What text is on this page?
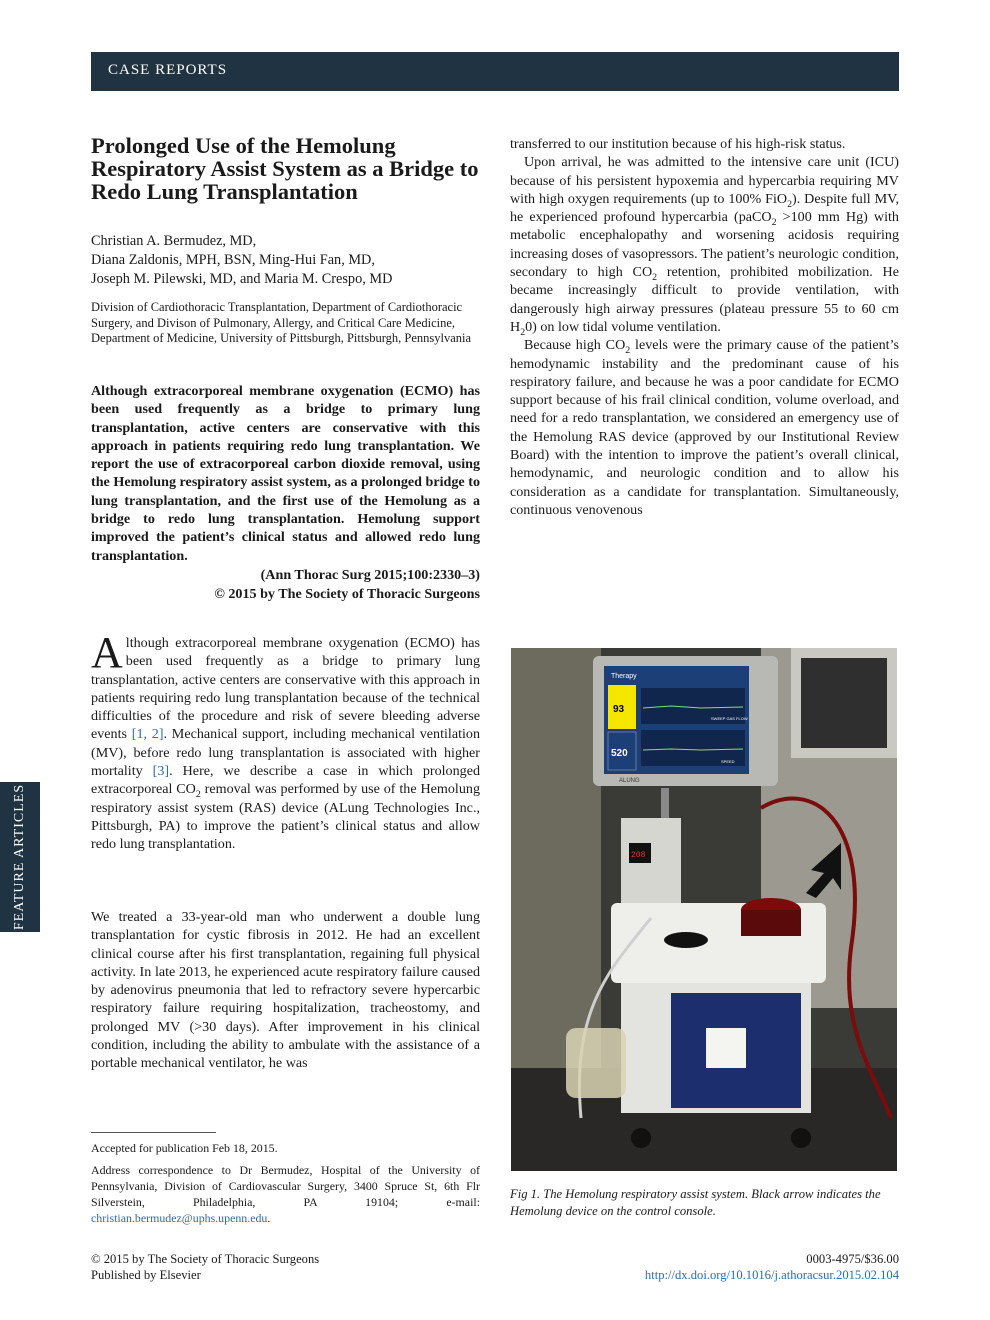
CASE REPORTS
FEATURE ARTICLES
Prolonged Use of the Hemolung Respiratory Assist System as a Bridge to Redo Lung Transplantation
Christian A. Bermudez, MD,
Diana Zaldonis, MPH, BSN, Ming-Hui Fan, MD,
Joseph M. Pilewski, MD, and Maria M. Crespo, MD
Division of Cardiothoracic Transplantation, Department of Cardiothoracic Surgery, and Divison of Pulmonary, Allergy, and Critical Care Medicine, Department of Medicine, University of Pittsburgh, Pittsburgh, Pennsylvania
Although extracorporeal membrane oxygenation (ECMO) has been used frequently as a bridge to primary lung transplantation, active centers are conservative with this approach in patients requiring redo lung transplantation. We report the use of extracorporeal carbon dioxide removal, using the Hemolung respiratory assist system, as a prolonged bridge to lung transplantation, and the first use of the Hemolung as a bridge to redo lung transplantation. Hemolung support improved the patient’s clinical status and allowed redo lung transplantation.
(Ann Thorac Surg 2015;100:2330–3)
© 2015 by The Society of Thoracic Surgeons
Although extracorporeal membrane oxygenation (ECMO) has been used frequently as a bridge to primary lung transplantation, active centers are conservative with this approach in patients requiring redo lung transplantation because of the technical difficulties of the procedure and risk of severe bleeding adverse events [1, 2]. Mechanical support, including mechanical ventilation (MV), before redo lung transplantation is associated with higher mortality [3]. Here, we describe a case in which prolonged extracorporeal $CO_2$ removal was performed by use of the Hemolung respiratory assist system (RAS) device (ALung Technologies Inc., Pittsburgh, PA) to improve the patient’s clinical status and allow redo lung transplantation.
We treated a 33-year-old man who underwent a double lung transplantation for cystic fibrosis in 2012. He had an excellent clinical course after his first transplantation, regaining full physical activity. In late 2013, he experienced acute respiratory failure caused by adenovirus pneumonia that led to refractory severe hypercarbic respiratory failure requiring hospitalization, tracheostomy, and prolonged MV (>30 days). After improvement in his clinical condition, including the ability to ambulate with the assistance of a portable mechanical ventilator, he was

transferred to our institution because of his high-risk status.

Upon arrival, he was admitted to the intensive care unit (ICU) because of his persistent hypoxemia and hypercarbia requiring MV with high oxygen requirements (up to 100% FiO$_2$). Despite full MV, he experienced profound hypercarbia (paCO$_2$ >100 mm Hg) with metabolic encephalopathy and worsening acidosis requiring increasing doses of vasopressors. The patient’s neurologic condition, secondary to high $CO_2$ retention, prohibited mobilization. He became increasingly difficult to provide ventilation, with dangerously high airway pressures (plateau pressure 55 to 60 cm $H_20$) on low tidal volume ventilation.

Because high $CO_2$ levels were the primary cause of the patient’s hemodynamic instability and the predominant cause of his respiratory failure, and because he was a poor candidate for ECMO support because of his frail clinical condition, volume overload, and need for a redo transplantation, we considered an emergency use of the Hemolung RAS device (approved by our Institutional Review Board) with the intention to improve the patient’s overall clinical, hemodynamic, and neurologic condition and to allow his consideration as a candidate for transplantation. Simultaneously, continuous venovenous

Therapy
93
520
SWEEP GAS FLOW
SPEED
ALUNG
208
Fig 1. The Hemolung respiratory assist system. Black arrow indicates the Hemolung device on the control console.
Accepted for publication Feb 18, 2015.
Address correspondence to Dr Bermudez, Hospital of the University of Pennsylvania, Division of Cardiovascular Surgery, 3400 Spruce St, 6th Flr Silverstein, Philadelphia, PA 19104; e-mail: christian.bermudez@uphs.upenn.edu.
© 2015 by The Society of Thoracic Surgeons
Published by Elsevier
0003-4975/$36.00
http://dx.doi.org/10.1016/j.athoracsur.2015.02.104
